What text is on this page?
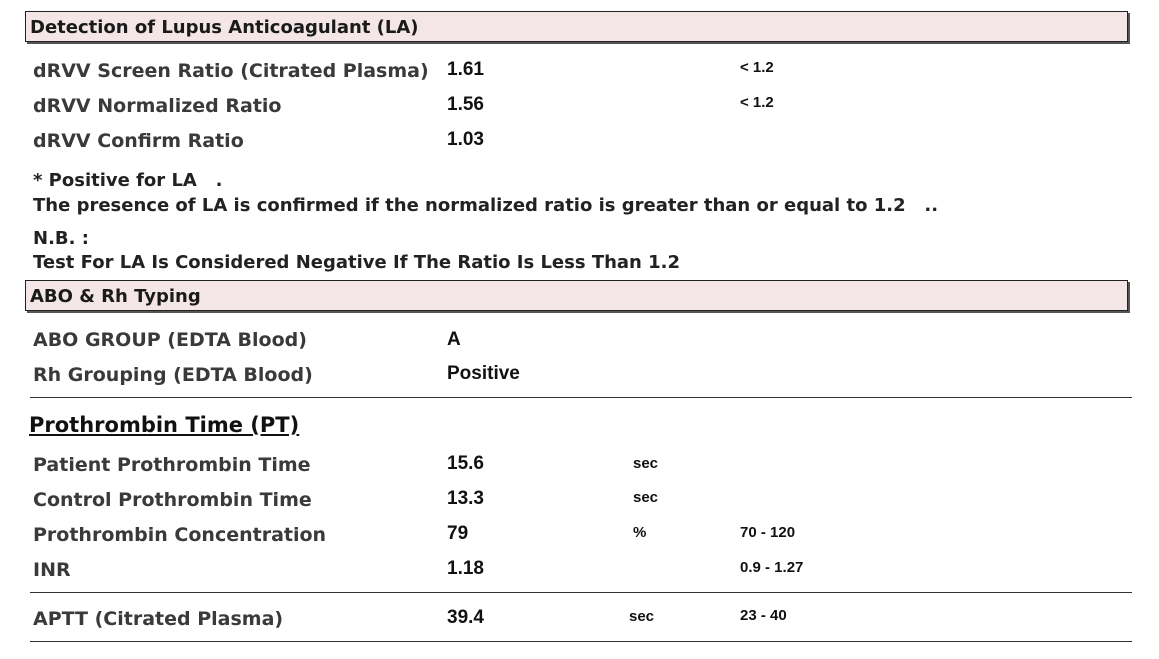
Detection of Lupus Anticoagulant (LA)
dRVV Screen Ratio (Citrated Plasma) 1.61	< 1.2
dRVV Normalized Ratio	1.56	< 1.2
dRVV Confirm Ratio	1.03
* Positive for LA   .
The presence of LA is confirmed if the normalized ratio is greater than or equal to 1.2   ..
N.B. :
Test For LA Is Considered Negative If The Ratio Is Less Than 1.2
ABO & Rh Typing
ABO GROUP (EDTA Blood)	A
Rh Grouping (EDTA Blood)	Positive
Prothrombin Time (PT)
Patient Prothrombin Time	15.6	sec
Control Prothrombin Time	13.3	sec
Prothrombin Concentration	79	%	70 - 120
INR	1.18	0.9 - 1.27
APTT (Citrated Plasma)	39.4	sec	23 - 40
